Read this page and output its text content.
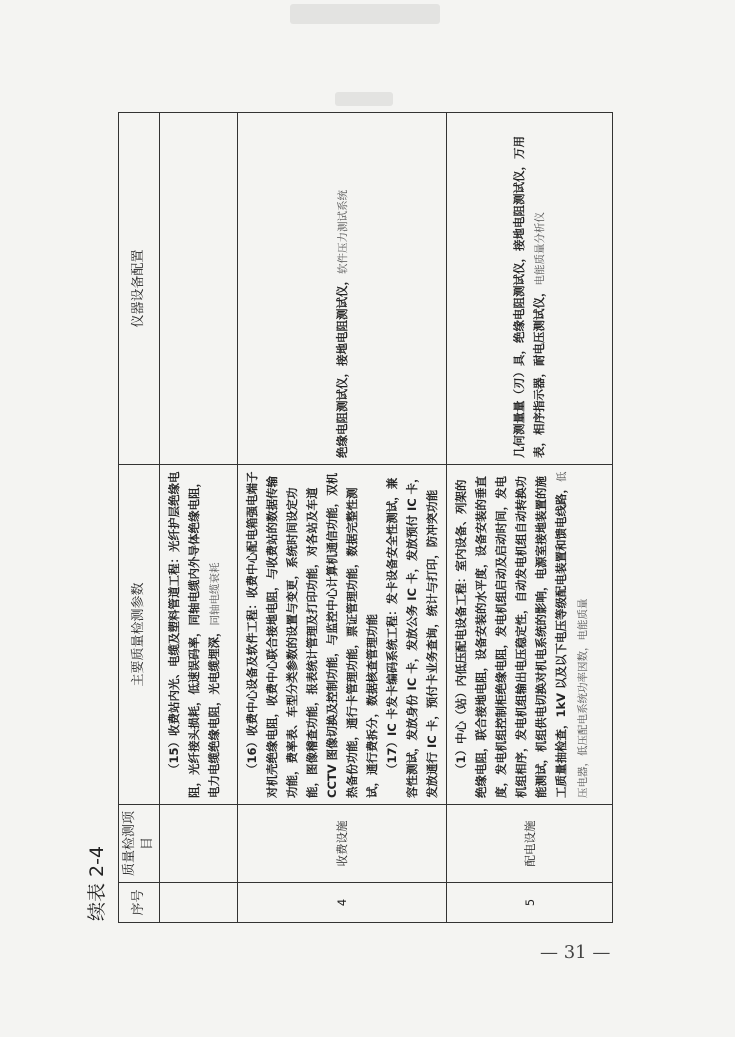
续表 2-4 序号	质量检测项目	主要质量检测参数	仪器设备配置

		（15）收费站内光、电缆及塑料管道工程：光纤护层绝缘电阻，光纤接头损耗，低速误码率，同轴电缆内外导体绝缘电阻，电力电缆绝缘电阻，光电缆埋深，同轴电缆衰耗	

4	收费设施	（16）收费中心设备及软件工程：收费中心配电箱强电端子对机壳绝缘电阻，收费中心联合接地电阻，与收费站的数据传输功能，费率表、车型分类参数的设置与变更，系统时间设定功能，图像稽查功能，报表统计管理及打印功能，对各站及车道 CCTV 图像切换及控制功能，与监控中心计算机通信功能，双机热备份功能，通行卡管理功能，票证管理功能，数据完整性测试，通行费拆分，数据核查管理功能 （17）IC 卡发卡编码系统工程：发卡设备安全性测试，兼容性测试，发放身份 IC 卡，发放公务 IC 卡，发放预付 IC 卡，发放通行 IC 卡，预付卡业务查询，统计与打印，防冲突功能	绝缘电阻测试仪，接地电阻测试仪，软件压力测试系统
5	配电设施	（1）中心（站）内低压配电设备工程：室内设备、列架的绝缘电阻，联合接地电阻，设备安装的水平度，设备安装的垂直度，发电机组控制柜绝缘电阻，发电机组启动及启动时间，发电机组相序，发电机组输出电压稳定性，自动发电机组自动转换功能测试，机组供电切换对机电系统的影响，电源室接地装置的施工质量抽检查，1kV 以及以下电压等级配电装置和馈电线路，低压电器，低压配电系统功率因数，电能质量	几何测量量（刃）具，绝缘电阻测试仪，接地电阻测试仪，万用表，相序指示器，耐电压测试仪，电能质量分析仪
— 31 —
